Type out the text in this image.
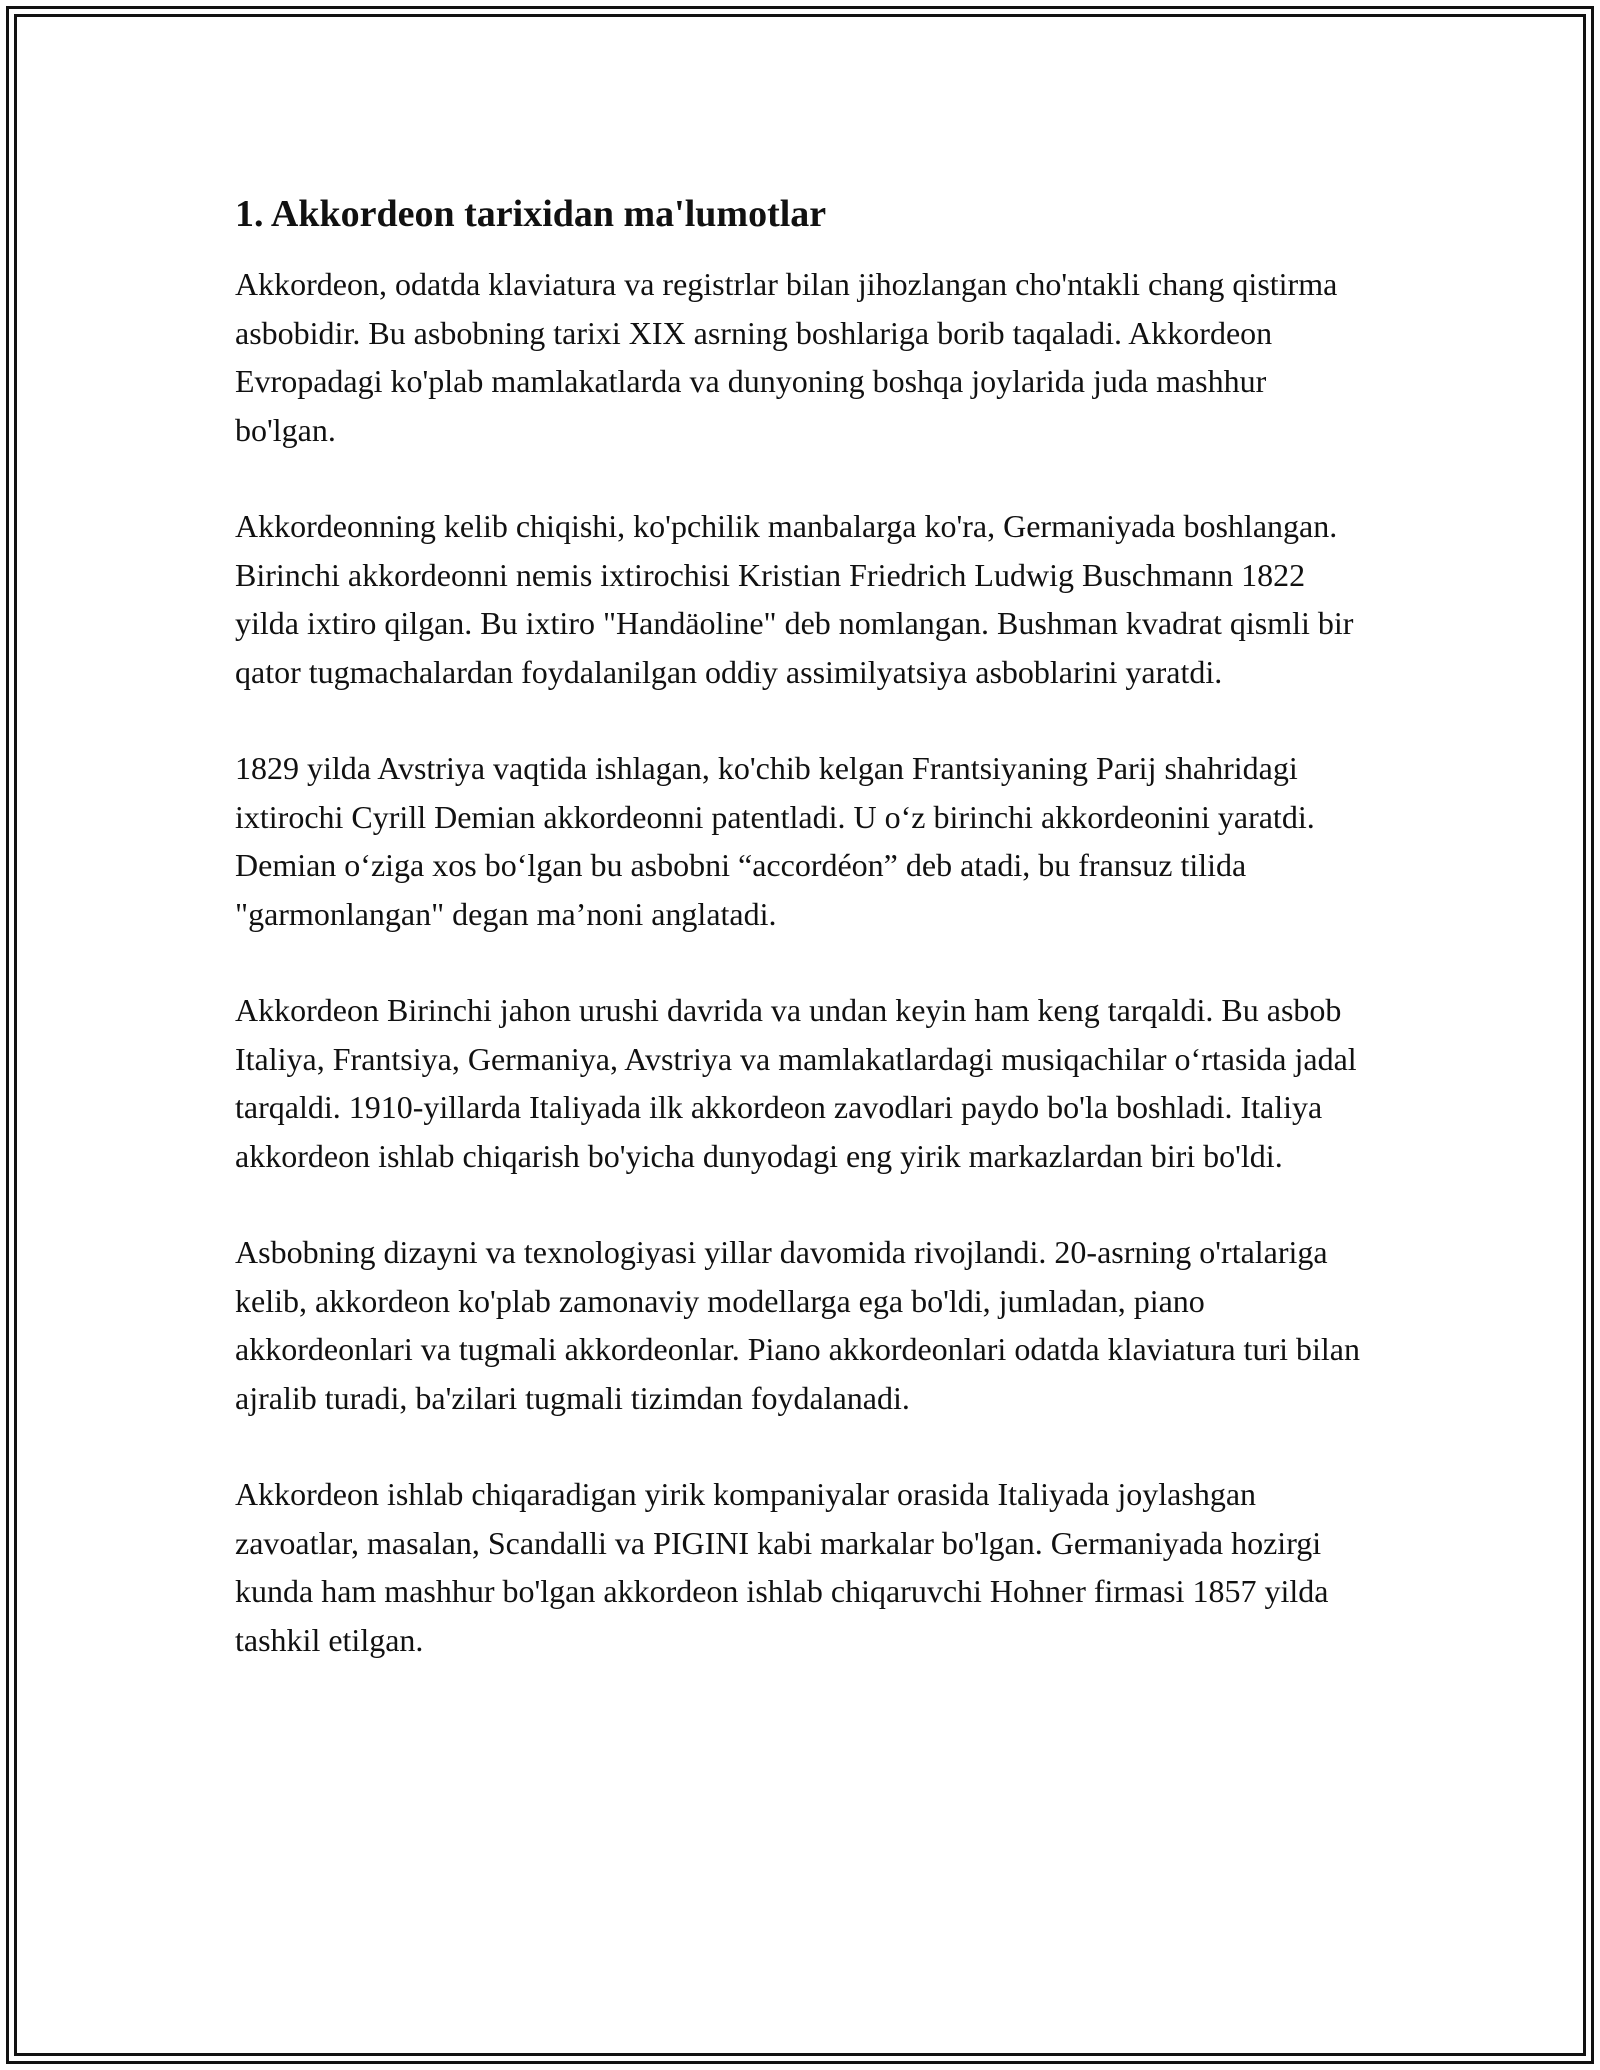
1. Akkordeon tarixidan ma'lumotlar

Akkordeon, odatda klaviatura va registrlar bilan jihozlangan cho'ntakli chang qistirma asbobidir. Bu asbobning tarixi XIX asrning boshlariga borib taqaladi. Akkordeon Evropadagi ko'plab mamlakatlarda va dunyoning boshqa joylarida juda mashhur bo'lgan.

Akkordeonning kelib chiqishi, ko'pchilik manbalarga ko'ra, Germaniyada boshlangan. Birinchi akkordeonni nemis ixtirochisi Kristian Friedrich Ludwig Buschmann 1822 yilda ixtiro qilgan. Bu ixtiro "Handäoline" deb nomlangan. Bushman kvadrat qismli bir qator tugmachalardan foydalanilgan oddiy assimilyatsiya asboblarini yaratdi.

1829 yilda Avstriya vaqtida ishlagan, ko'chib kelgan Frantsiyaning Parij shahridagi ixtirochi Cyrill Demian akkordeonni patentladi. U o‘z birinchi akkordeonini yaratdi. Demian o‘ziga xos bo‘lgan bu asbobni “accordéon” deb atadi, bu fransuz tilida "garmonlangan" degan ma’noni anglatadi.

Akkordeon Birinchi jahon urushi davrida va undan keyin ham keng tarqaldi. Bu asbob Italiya, Frantsiya, Germaniya, Avstriya va mamlakatlardagi musiqachilar o‘rtasida jadal tarqaldi. 1910-yillarda Italiyada ilk akkordeon zavodlari paydo bo'la boshladi. Italiya akkordeon ishlab chiqarish bo'yicha dunyodagi eng yirik markazlardan biri bo'ldi.

Asbobning dizayni va texnologiyasi yillar davomida rivojlandi. 20-asrning o'rtalariga kelib, akkordeon ko'plab zamonaviy modellarga ega bo'ldi, jumladan, piano akkordeonlari va tugmali akkordeonlar. Piano akkordeonlari odatda klaviatura turi bilan ajralib turadi, ba'zilari tugmali tizimdan foydalanadi.

Akkordeon ishlab chiqaradigan yirik kompaniyalar orasida Italiyada joylashgan zavoatlar, masalan, Scandalli va PIGINI kabi markalar bo'lgan. Germaniyada hozirgi kunda ham mashhur bo'lgan akkordeon ishlab chiqaruvchi Hohner firmasi 1857 yilda tashkil etilgan.
